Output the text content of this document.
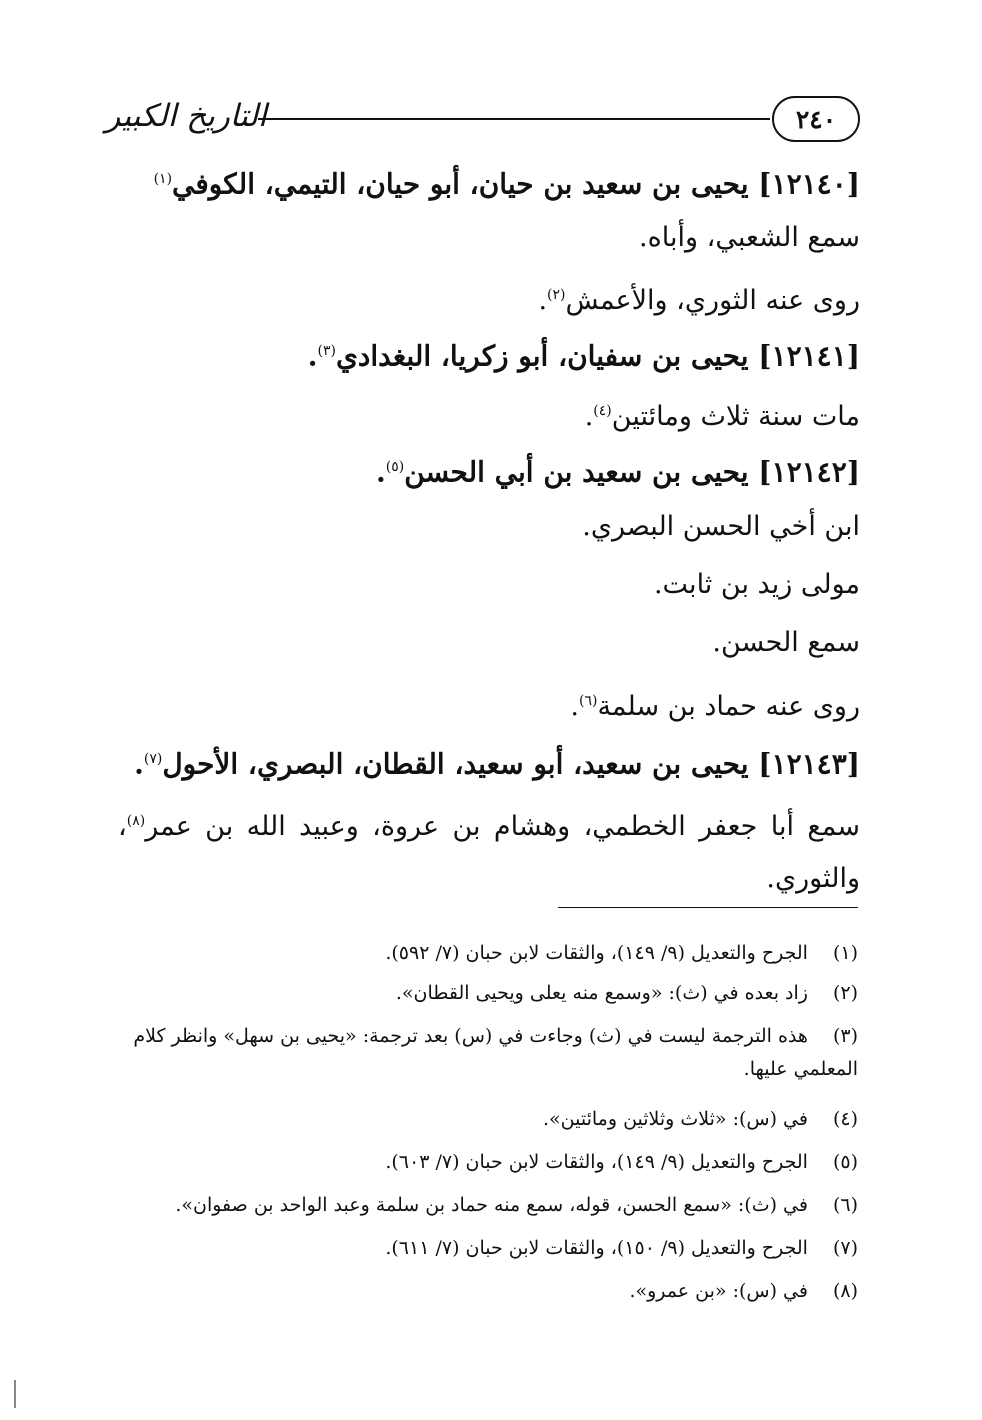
التاريخ الكبير	٢٤٠
[١٢١٤٠] يحيى بن سعيد بن حيان، أبو حيان، التيمي، الكوفي$^{(١)}$
سمع الشعبي، وأباه.
روى عنه الثوري، والأعمش$^{(٢)}$.
[١٢١٤١] يحيى بن سفيان، أبو زكريا، البغدادي$^{(٣)}$.
مات سنة ثلاث ومائتين$^{(٤)}$.
[١٢١٤٢] يحيى بن سعيد بن أبي الحسن$^{(٥)}$.
ابن أخي الحسن البصري.
مولى زيد بن ثابت.
سمع الحسن.
روى عنه حماد بن سلمة$^{(٦)}$.
[١٢١٤٣] يحيى بن سعيد، أبو سعيد، القطان، البصري، الأحول$^{(٧)}$.
سمع أبا جعفر الخطمي، وهشام بن عروة، وعبيد الله بن عمر$^{(٨)}$، والثوري.
(١) الجرح والتعديل (٩/ ١٤٩)، والثقات لابن حبان (٧/ ٥٩٢).
(٢) زاد بعده في (ث): «وسمع منه يعلى ويحيى القطان».
(٣) هذه الترجمة ليست في (ث) وجاءت في (س) بعد ترجمة: «يحيى بن سهل» وانظر كلام المعلمي عليها.
(٤) في (س): «ثلاث وثلاثين ومائتين».
(٥) الجرح والتعديل (٩/ ١٤٩)، والثقات لابن حبان (٧/ ٦٠٣).
(٦) في (ث): «سمع الحسن، قوله، سمع منه حماد بن سلمة وعبد الواحد بن صفوان».
(٧) الجرح والتعديل (٩/ ١٥٠)، والثقات لابن حبان (٧/ ٦١١).
(٨) في (س): «بن عمرو».
